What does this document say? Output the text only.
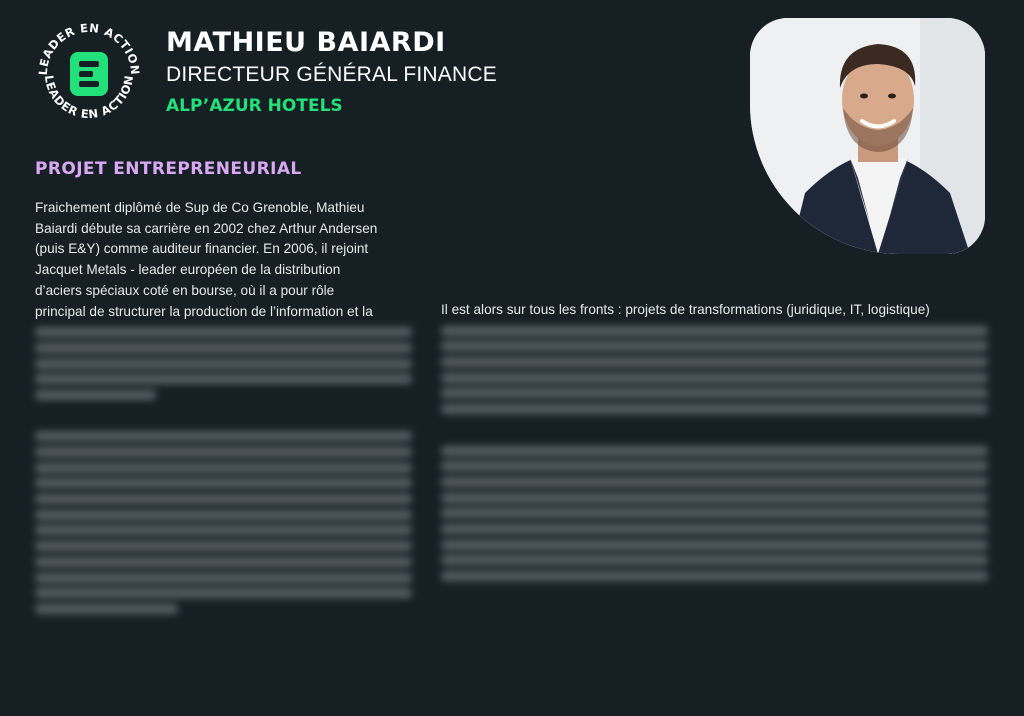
LEADER EN ACTION
LEADER EN ACTION
MATHIEU BAIARDI
DIRECTEUR GÉNÉRAL FINANCE
ALP’AZUR HOTELS
PROJET ENTREPRENEURIAL
Fraichement diplômé de Sup de Co Grenoble, Mathieu
Baiardi débute sa carrière en 2002 chez Arthur Andersen
(puis E&Y) comme auditeur financier. En 2006, il rejoint
Jacquet Metals - leader européen de la distribution
d’aciers spéciaux coté en bourse, où il a pour rôle
principal de structurer la production de l’information et la	Il est alors sur tous les fronts : projets de transformations (juridique, IT, logistique)
